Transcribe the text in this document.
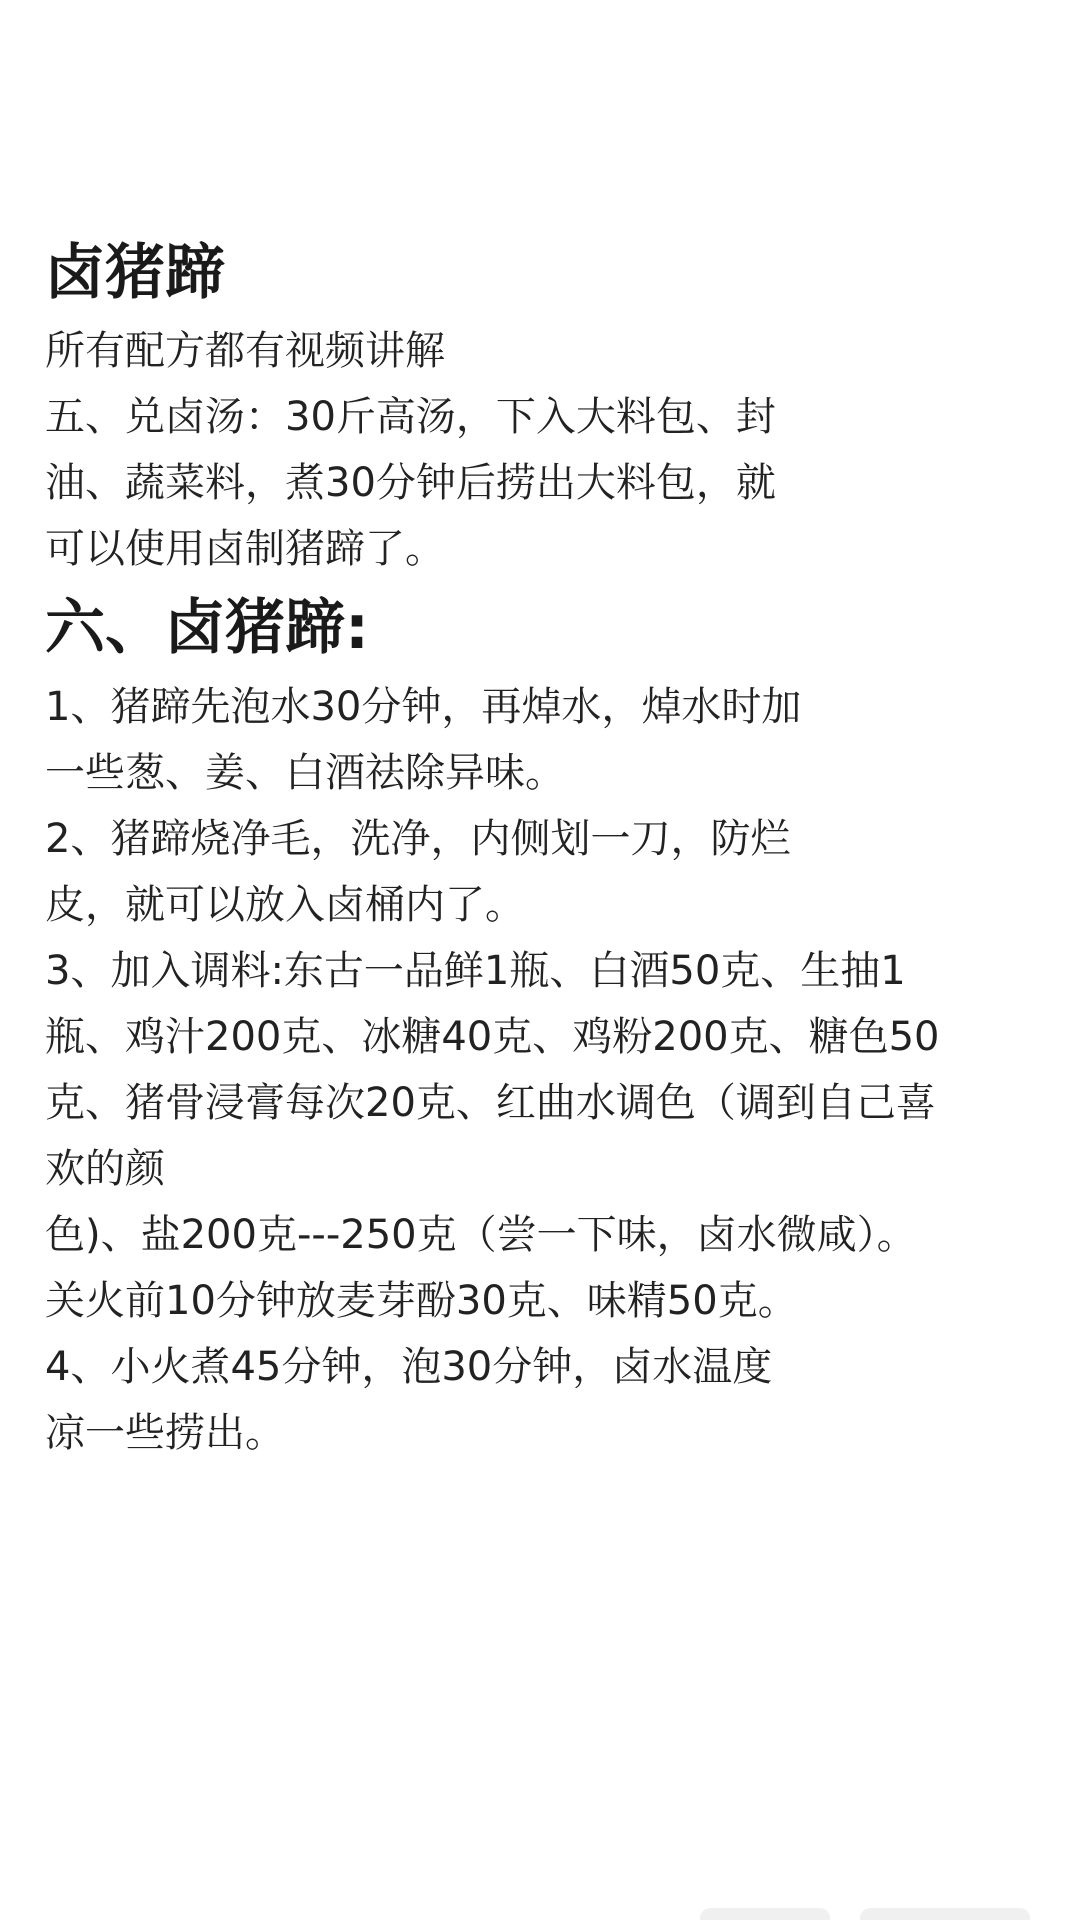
卤猪蹄

所有配方都有视频讲解

五、兑卤汤：30斤高汤，下入大料包、封

油、蔬菜料，煮30分钟后捞出大料包，就

可以使用卤制猪蹄了。

六、卤猪蹄:

1、猪蹄先泡水30分钟，再焯水，焯水时加

一些葱、姜、白酒祛除异味。

2、猪蹄烧净毛，洗净，内侧划一刀，防烂

皮，就可以放入卤桶内了。

3、加入调料:东古一品鲜1瓶、白酒50克、生抽1

瓶、鸡汁200克、冰糖40克、鸡粉200克、糖色50

克、猪骨浸膏每次20克、红曲水调色（调到自己喜

欢的颜

色)、盐200克---250克（尝一下味，卤水微咸）。

关火前10分钟放麦芽酚30克、味精50克。

4、小火煮45分钟，泡30分钟，卤水温度

凉一些捞出。
